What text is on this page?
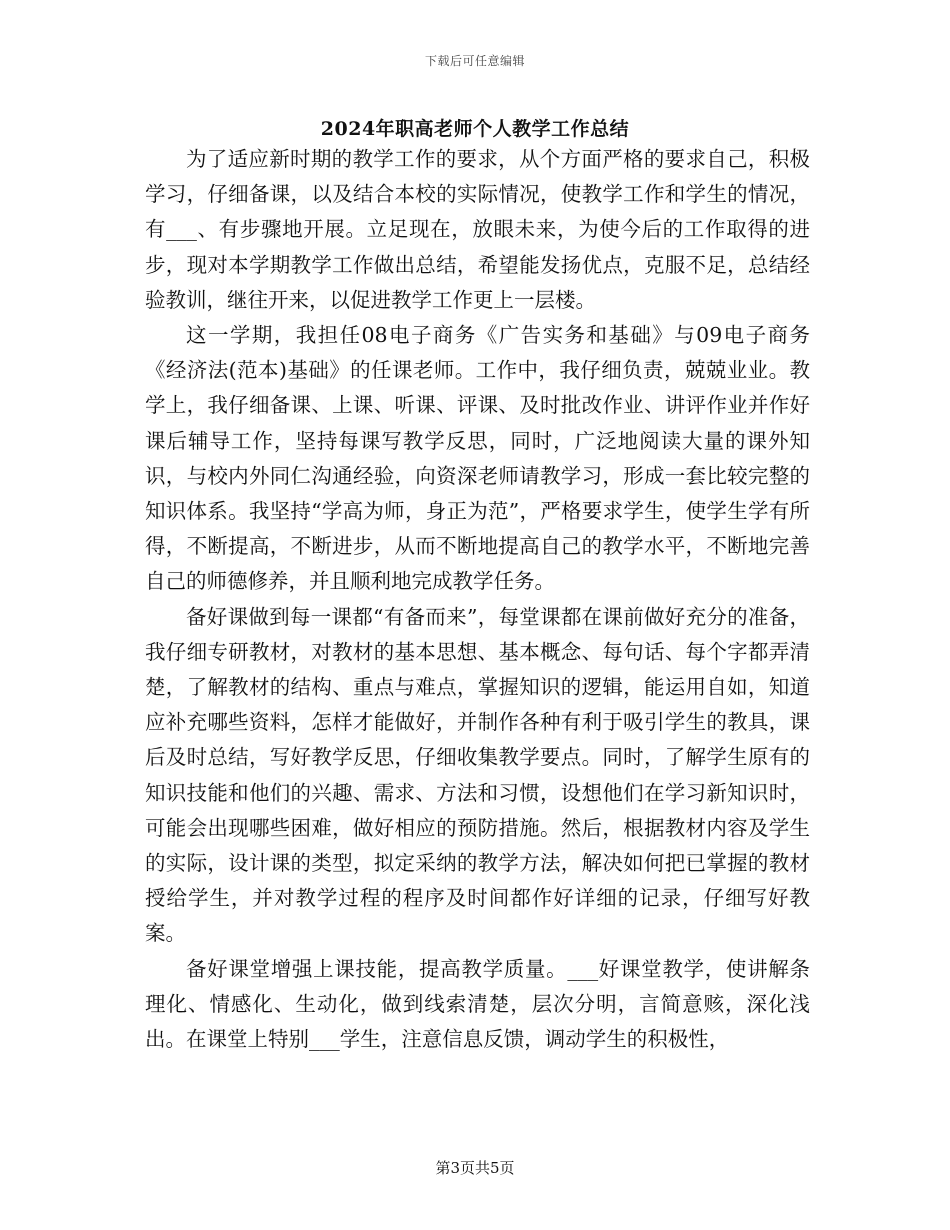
下载后可任意编辑
2024年职高老师个人教学工作总结

为了适应新时期的教学工作的要求，从个方面严格的要求自己，积极学习，仔细备课，以及结合本校的实际情况，使教学工作和学生的情况，有___、有步骤地开展。立足现在，放眼未来，为使今后的工作取得的进步，现对本学期教学工作做出总结，希望能发扬优点，克服不足，总结经验教训，继往开来，以促进教学工作更上一层楼。

这一学期，我担任08电子商务《广告实务和基础》与09电子商务《经济法(范本)基础》的任课老师。工作中，我仔细负责，兢兢业业。教学上，我仔细备课、上课、听课、评课、及时批改作业、讲评作业并作好课后辅导工作，坚持每课写教学反思，同时，广泛地阅读大量的课外知识，与校内外同仁沟通经验，向资深老师请教学习，形成一套比较完整的知识体系。我坚持“学高为师，身正为范”，严格要求学生，使学生学有所得，不断提高，不断进步，从而不断地提高自己的教学水平，不断地完善自己的师德修养，并且顺利地完成教学任务。

备好课做到每一课都“有备而来”，每堂课都在课前做好充分的准备，我仔细专研教材，对教材的基本思想、基本概念、每句话、每个字都弄清楚，了解教材的结构、重点与难点，掌握知识的逻辑，能运用自如，知道应补充哪些资料，怎样才能做好，并制作各种有利于吸引学生的教具，课后及时总结，写好教学反思，仔细收集教学要点。同时，了解学生原有的知识技能和他们的兴趣、需求、方法和习惯，设想他们在学习新知识时，可能会出现哪些困难，做好相应的预防措施。然后，根据教材内容及学生的实际，设计课的类型，拟定采纳的教学方法，解决如何把已掌握的教材授给学生，并对教学过程的程序及时间都作好详细的记录，仔细写好教案。

备好课堂增强上课技能，提高教学质量。___好课堂教学，使讲解条理化、情感化、生动化，做到线索清楚，层次分明，言简意赅，深化浅出。在课堂上特别___学生，注意信息反馈，调动学生的积极性，

第3页共5页
